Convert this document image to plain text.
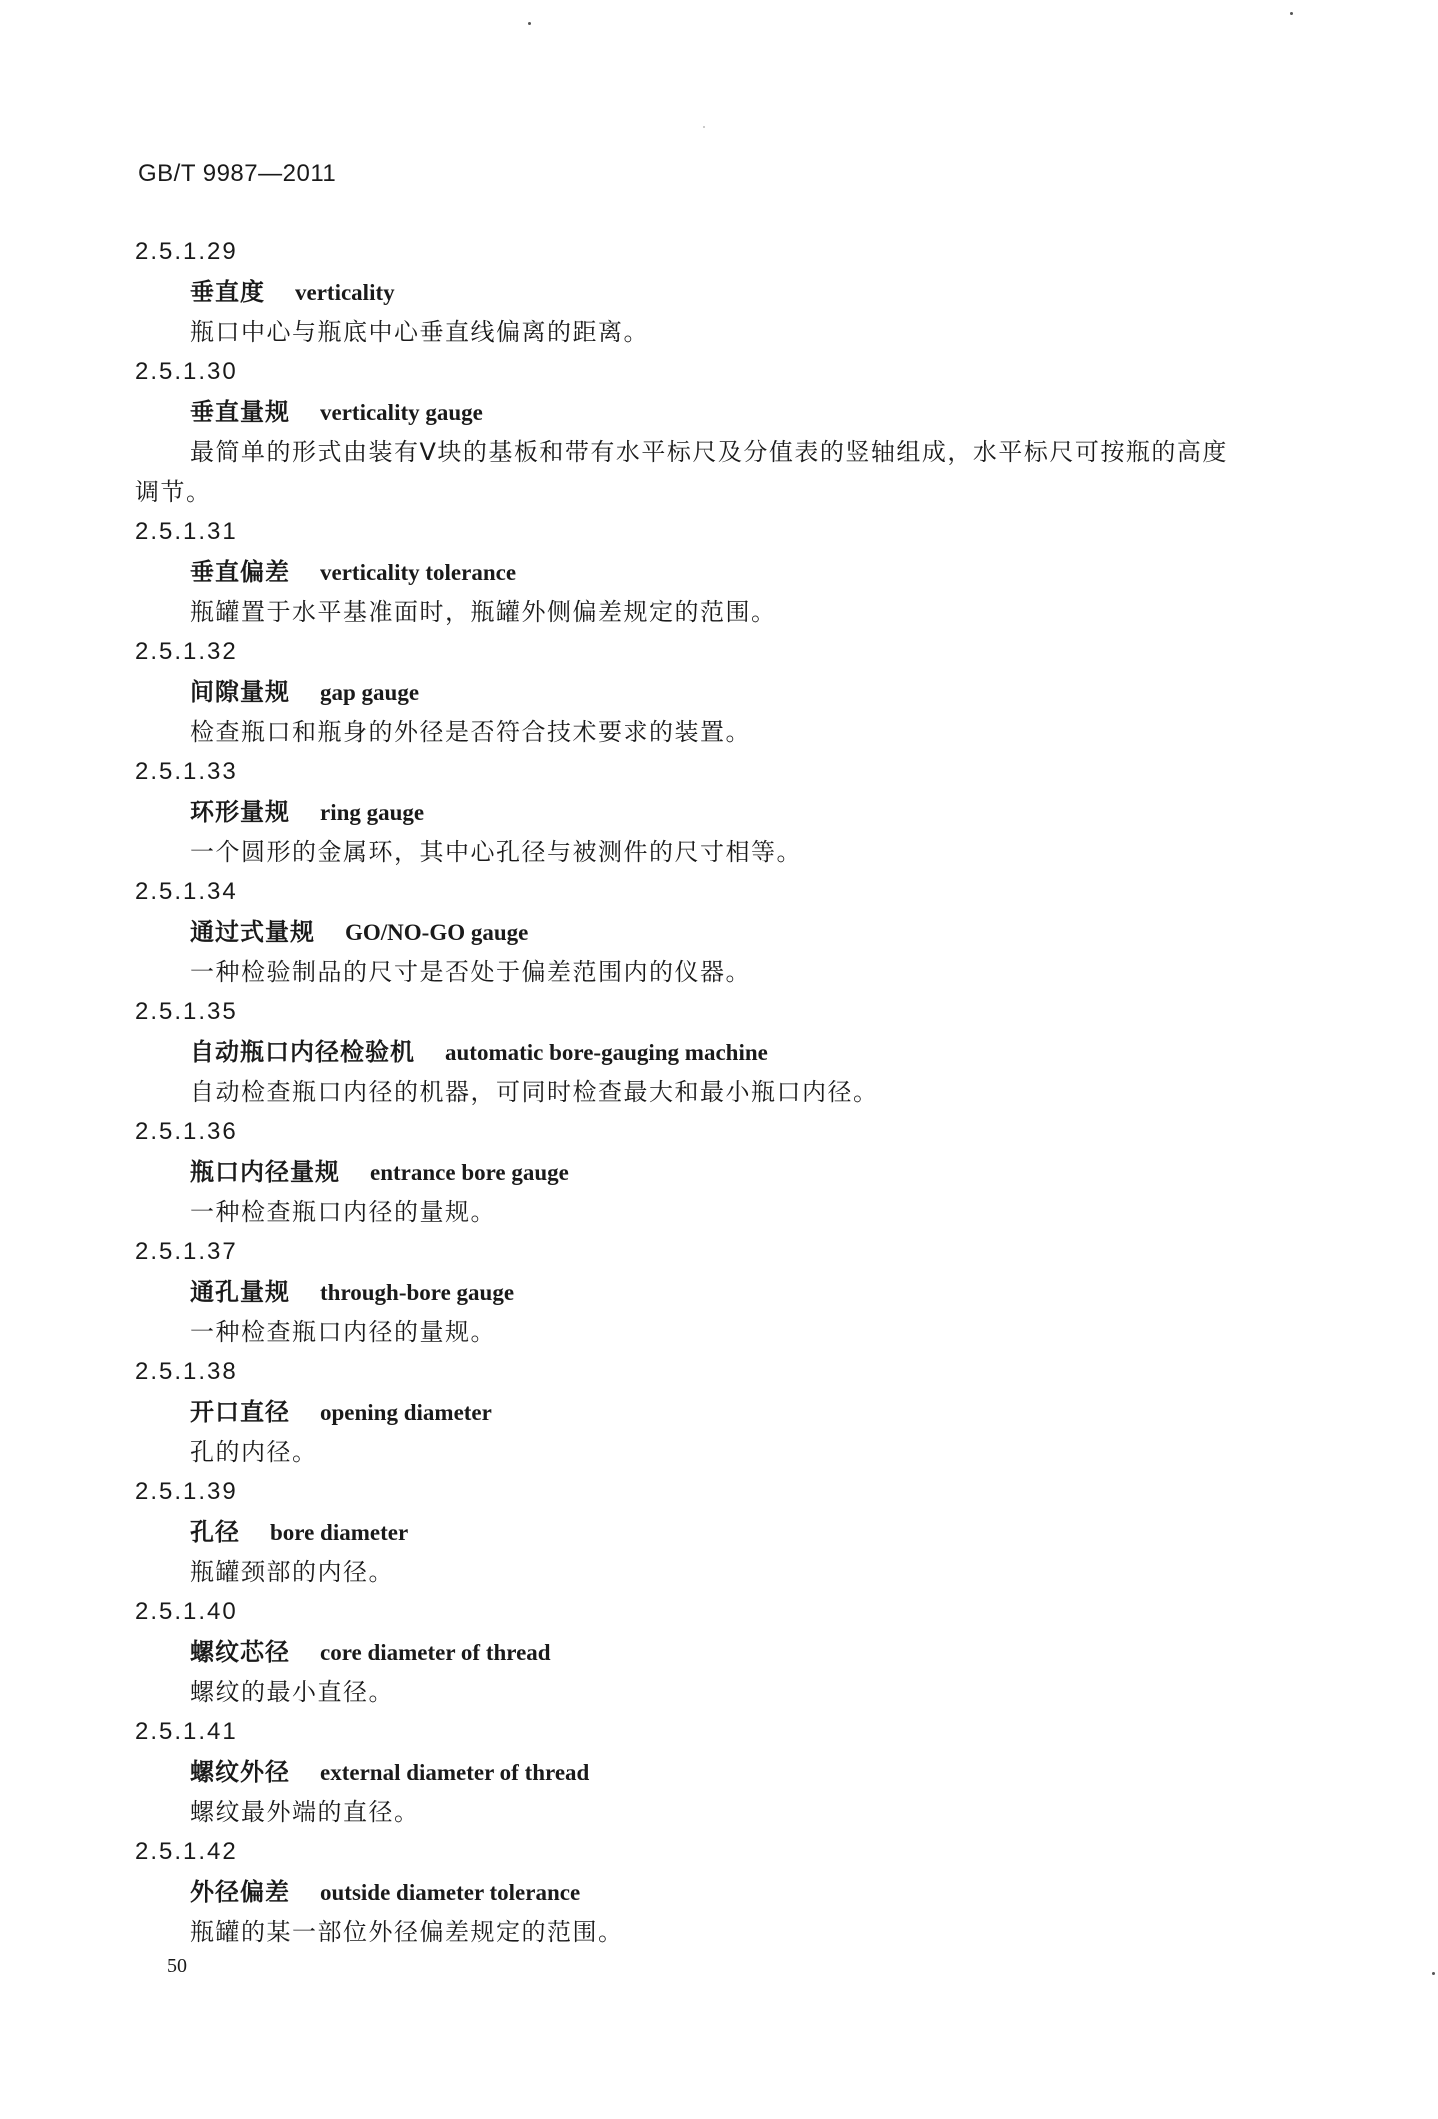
GB/T 9987—2011
2.5.1.29
垂直度 verticality
瓶口中心与瓶底中心垂直线偏离的距离。
2.5.1.30
垂直量规 verticality gauge
最简单的形式由装有V块的基板和带有水平标尺及分值表的竖轴组成，水平标尺可按瓶的高度
调节。
2.5.1.31
垂直偏差 verticality tolerance
瓶罐置于水平基准面时，瓶罐外侧偏差规定的范围。
2.5.1.32
间隙量规 gap gauge
检查瓶口和瓶身的外径是否符合技术要求的装置。
2.5.1.33
环形量规 ring gauge
一个圆形的金属环，其中心孔径与被测件的尺寸相等。
2.5.1.34
通过式量规 GO/NO-GO gauge
一种检验制品的尺寸是否处于偏差范围内的仪器。
2.5.1.35
自动瓶口内径检验机 automatic bore-gauging machine
自动检查瓶口内径的机器，可同时检查最大和最小瓶口内径。
2.5.1.36
瓶口内径量规 entrance bore gauge
一种检查瓶口内径的量规。
2.5.1.37
通孔量规 through-bore gauge
一种检查瓶口内径的量规。
2.5.1.38
开口直径 opening diameter
孔的内径。
2.5.1.39
孔径 bore diameter
瓶罐颈部的内径。
2.5.1.40
螺纹芯径 core diameter of thread
螺纹的最小直径。
2.5.1.41
螺纹外径 external diameter of thread
螺纹最外端的直径。
2.5.1.42
外径偏差 outside diameter tolerance
瓶罐的某一部位外径偏差规定的范围。
50
